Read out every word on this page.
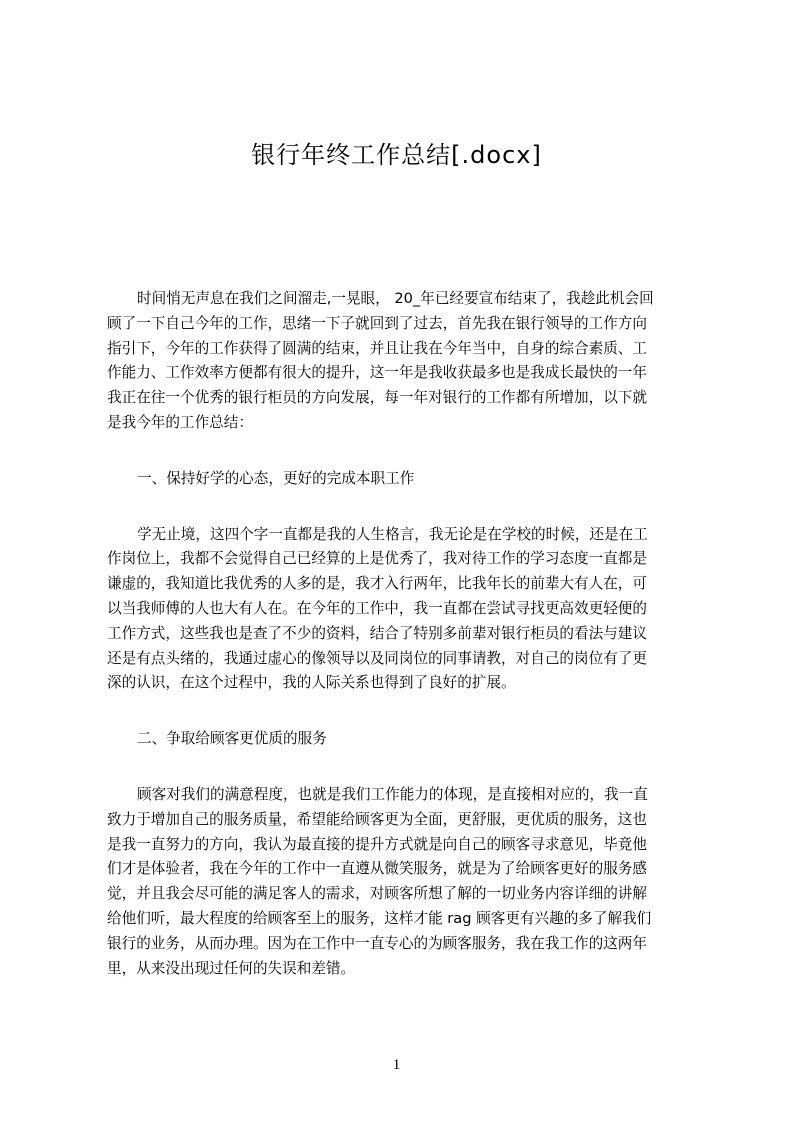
银行年终工作总结[.docx]
时间悄无声息在我们之间溜走,一晃眼， 20_年已经要宣布结束了，我趁此机会回
顾了一下自己今年的工作，思绪一下子就回到了过去，首先我在银行领导的工作方向
指引下，今年的工作获得了圆满的结束，并且让我在今年当中，自身的综合素质、工
作能力、工作效率方便都有很大的提升，这一年是我收获最多也是我成长最快的一年
我正在往一个优秀的银行柜员的方向发展，每一年对银行的工作都有所增加，以下就
是我今年的工作总结：
一、保持好学的心态，更好的完成本职工作
学无止境，这四个字一直都是我的人生格言，我无论是在学校的时候，还是在工
作岗位上，我都不会觉得自己已经算的上是优秀了，我对待工作的学习态度一直都是
谦虚的，我知道比我优秀的人多的是，我才入行两年，比我年长的前辈大有人在，可
以当我师傅的人也大有人在。在今年的工作中，我一直都在尝试寻找更高效更轻便的
工作方式，这些我也是查了不少的资料，结合了特别多前辈对银行柜员的看法与建议
还是有点头绪的，我通过虚心的像领导以及同岗位的同事请教，对自己的岗位有了更
深的认识，在这个过程中，我的人际关系也得到了良好的扩展。
二、争取给顾客更优质的服务
顾客对我们的满意程度，也就是我们工作能力的体现，是直接相对应的，我一直
致力于增加自己的服务质量，希望能给顾客更为全面，更舒服，更优质的服务，这也
是我一直努力的方向，我认为最直接的提升方式就是向自己的顾客寻求意见，毕竟他
们才是体验者，我在今年的工作中一直遵从微笑服务，就是为了给顾客更好的服务感
觉，并且我会尽可能的满足客人的需求，对顾客所想了解的一切业务内容详细的讲解
给他们听，最大程度的给顾客至上的服务，这样才能 rag 顾客更有兴趣的多了解我们
银行的业务，从而办理。因为在工作中一直专心的为顾客服务，我在我工作的这两年
里，从来没出现过任何的失误和差错。
1
